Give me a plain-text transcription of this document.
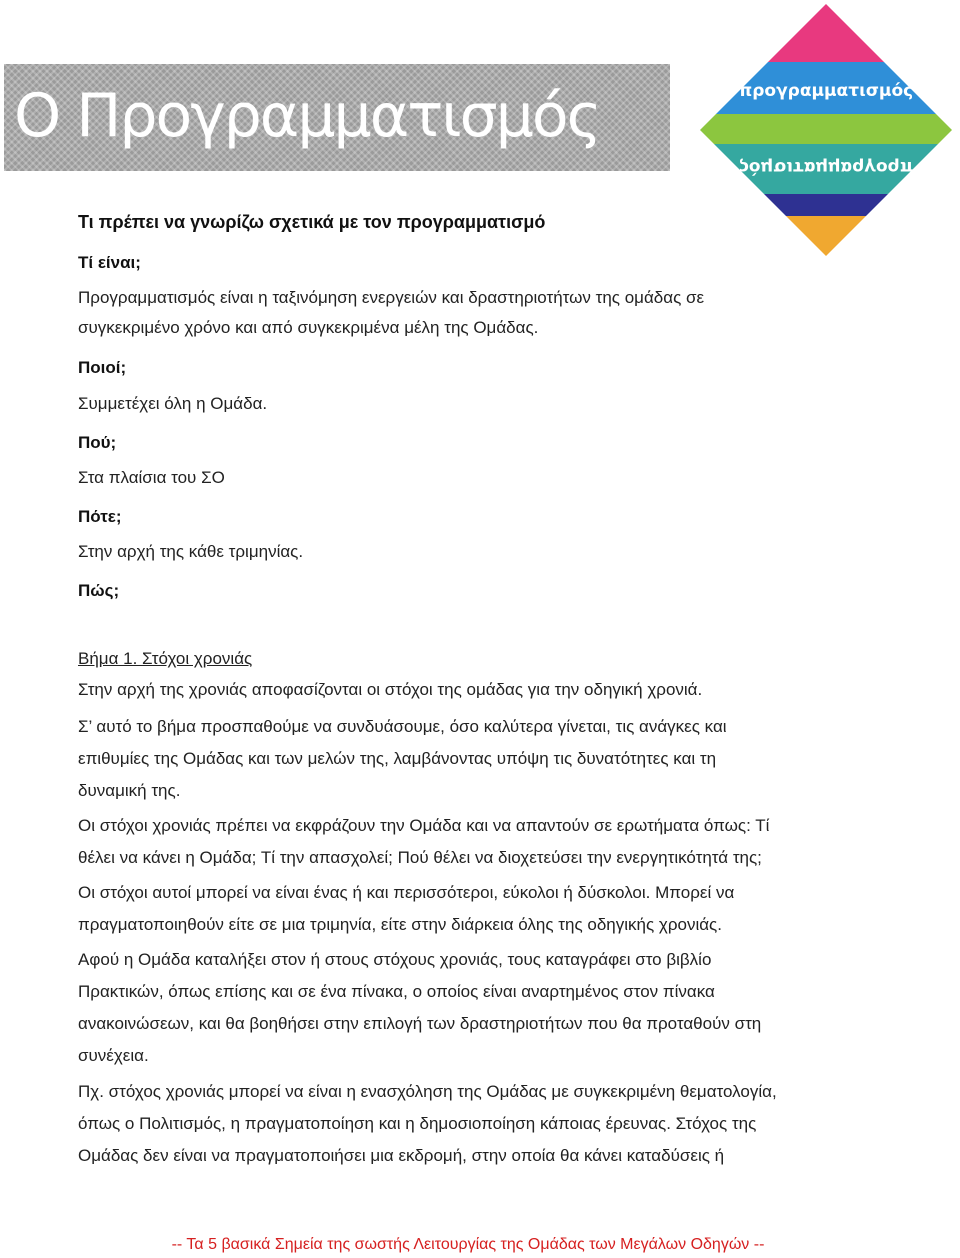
Ο Προγραμματισμός	προγραμματισμός
προγραμματισμός
Τι πρέπει να γνωρίζω σχετικά με τον προγραμματισμό

Τί είναι;

Προγραμματισμός είναι η ταξινόμηση ενεργειών και δραστηριοτήτων της ομάδας σε

συγκεκριμένο χρόνο και από συγκεκριμένα μέλη της Ομάδας.

Ποιοί;

Συμμετέχει όλη η Ομάδα.

Πού;

Στα πλαίσια του ΣΟ

Πότε;

Στην αρχή της κάθε τριμηνίας.

Πώς;

Βήμα 1. Στόχοι χρονιάς

Στην αρχή της χρονιάς αποφασίζονται οι στόχοι της ομάδας για την οδηγική χρονιά.

Σ’ αυτό το βήμα προσπαθούμε να συνδυάσουμε, όσο καλύτερα γίνεται, τις ανάγκες και
επιθυμίες της Ομάδας και των μελών της, λαμβάνοντας υπόψη τις δυνατότητες και τη
δυναμική της.

Οι στόχοι χρονιάς πρέπει να εκφράζουν την Ομάδα και να απαντούν σε ερωτήματα όπως: Τί
θέλει να κάνει η Ομάδα; Τί την απασχολεί; Πού θέλει να διοχετεύσει την ενεργητικότητά της;

Οι στόχοι αυτοί μπορεί να είναι ένας ή και περισσότεροι, εύκολοι ή δύσκολοι. Μπορεί να
πραγματοποιηθούν είτε σε μια τριμηνία, είτε στην διάρκεια όλης της οδηγικής χρονιάς.

Αφού η Ομάδα καταλήξει στον ή στους στόχους χρονιάς, τους καταγράφει στο βιβλίο
Πρακτικών, όπως επίσης και σε ένα πίνακα, ο οποίος είναι αναρτημένος στον πίνακα
ανακοινώσεων, και θα βοηθήσει στην επιλογή των δραστηριοτήτων που θα προταθούν στη
συνέχεια.

Πχ. στόχος χρονιάς μπορεί να είναι η ενασχόληση της Ομάδας με συγκεκριμένη θεματολογία,
όπως ο Πολιτισμός, η πραγματοποίηση και η δημοσιοποίηση κάποιας έρευνας. Στόχος της
Ομάδας δεν είναι να πραγματοποιήσει μια εκδρομή, στην οποία θα κάνει καταδύσεις ή

-- Τα 5 βασικά Σημεία της σωστής Λειτουργίας της Ομάδας των Μεγάλων Οδηγών --
